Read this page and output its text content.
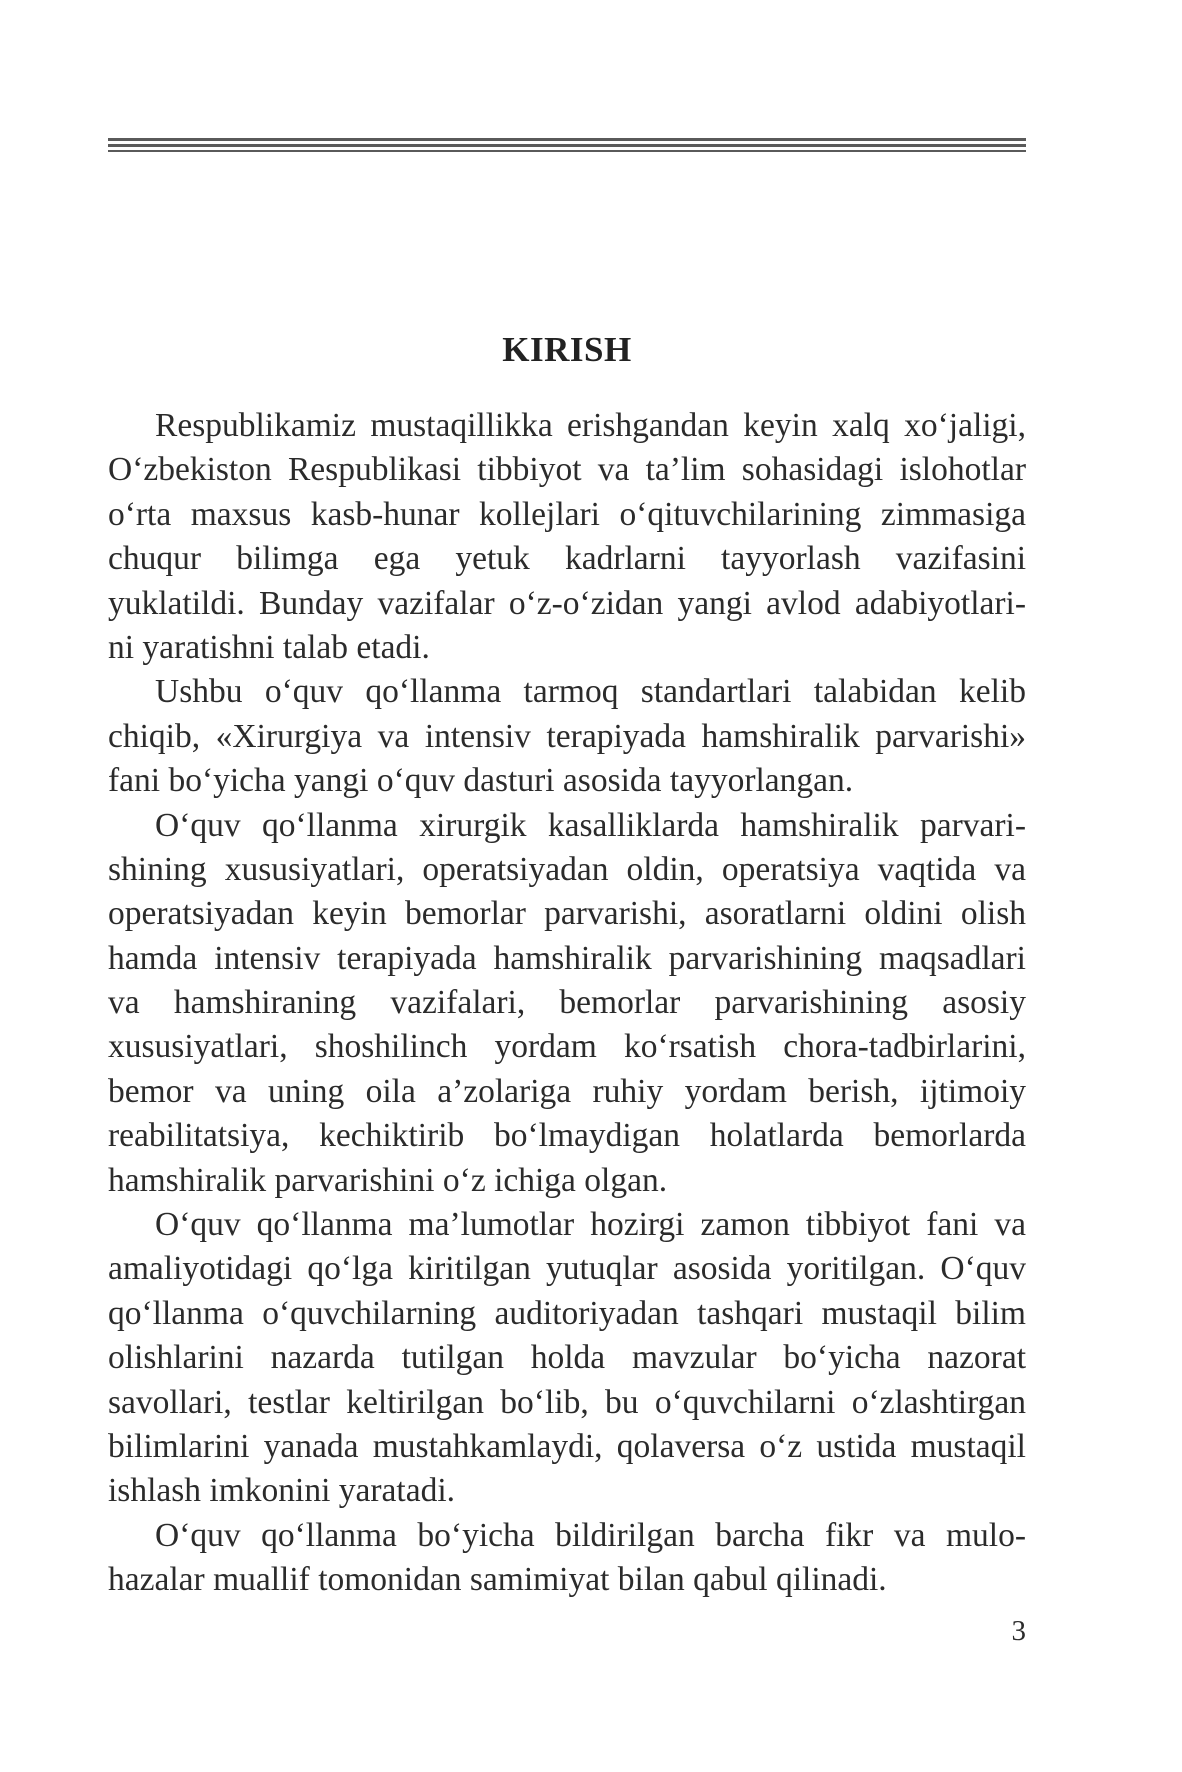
KIRISH

Respublikamiz mustaqillikka erishgandan keyin xalq xo‘jaligi,
O‘zbekiston Respublikasi tibbiyot va ta’lim sohasidagi islohotlar
o‘rta maxsus kasb-hunar kollejlari o‘qituvchilarining zimmasiga
chuqur bilimga ega yetuk kadrlarni tayyorlash vazifasini
yuklatildi. Bunday vazifalar o‘z-o‘zidan yangi avlod adabiyotlari-
ni yaratishni talab etadi.

Ushbu o‘quv qo‘llanma tarmoq standartlari talabidan kelib
chiqib, «Xirurgiya va intensiv terapiyada hamshiralik parvarishi»
fani bo‘yicha yangi o‘quv dasturi asosida tayyorlangan.

O‘quv qo‘llanma xirurgik kasalliklarda hamshiralik parvari-
shining xususiyatlari, operatsiyadan oldin, operatsiya vaqtida va
operatsiyadan keyin bemorlar parvarishi, asoratlarni oldini olish
hamda intensiv terapiyada hamshiralik parvarishining maqsadlari
va hamshiraning vazifalari, bemorlar parvarishining asosiy
xususiyatlari, shoshilinch yordam ko‘rsatish chora-tadbirlarini,
bemor va uning oila a’zolariga ruhiy yordam berish, ijtimoiy
reabilitatsiya, kechiktirib bo‘lmaydigan holatlarda bemorlarda
hamshiralik parvarishini o‘z ichiga olgan.

O‘quv qo‘llanma ma’lumotlar hozirgi zamon tibbiyot fani va
amaliyotidagi qo‘lga kiritilgan yutuqlar asosida yoritilgan. O‘quv
qo‘llanma o‘quvchilarning auditoriyadan tashqari mustaqil bilim
olishlarini nazarda tutilgan holda mavzular bo‘yicha nazorat
savollari, testlar keltirilgan bo‘lib, bu o‘quvchilarni o‘zlashtirgan
bilimlarini yanada mustahkamlaydi, qolaversa o‘z ustida mustaqil
ishlash imkonini yaratadi.

O‘quv qo‘llanma bo‘yicha bildirilgan barcha fikr va mulo-
hazalar muallif tomonidan samimiyat bilan qabul qilinadi.

3
